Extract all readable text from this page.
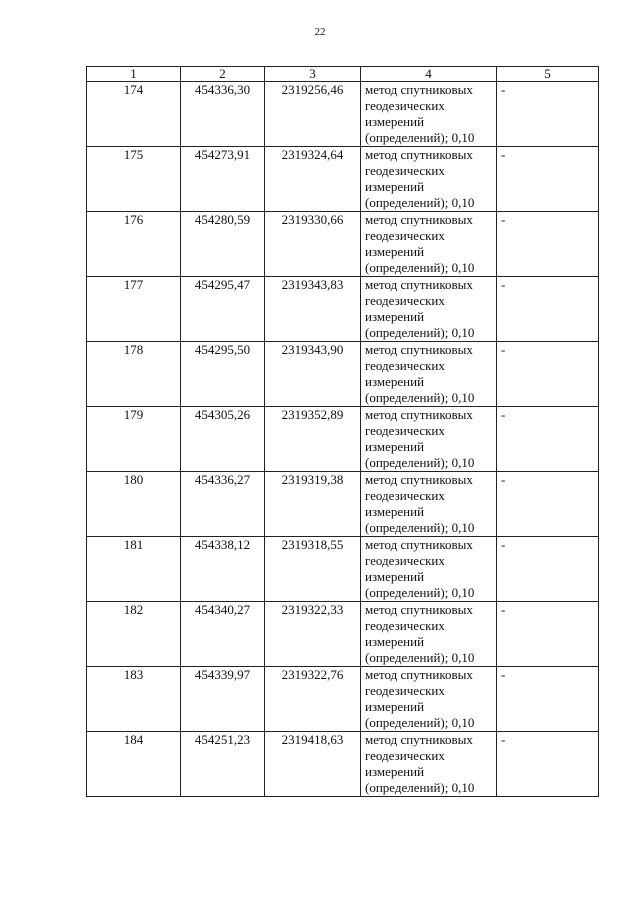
22
1	2	3	4	5
174	454336,30	2319256,46	метод спутниковых
геодезических
измерений
(определений); 0,10	-
175	454273,91	2319324,64	метод спутниковых
геодезических
измерений
(определений); 0,10	-
176	454280,59	2319330,66	метод спутниковых
геодезических
измерений
(определений); 0,10	-
177	454295,47	2319343,83	метод спутниковых
геодезических
измерений
(определений); 0,10	-
178	454295,50	2319343,90	метод спутниковых
геодезических
измерений
(определений); 0,10	-
179	454305,26	2319352,89	метод спутниковых
геодезических
измерений
(определений); 0,10	-
180	454336,27	2319319,38	метод спутниковых
геодезических
измерений
(определений); 0,10	-
181	454338,12	2319318,55	метод спутниковых
геодезических
измерений
(определений); 0,10	-
182	454340,27	2319322,33	метод спутниковых
геодезических
измерений
(определений); 0,10	-
183	454339,97	2319322,76	метод спутниковых
геодезических
измерений
(определений); 0,10	-
184	454251,23	2319418,63	метод спутниковых
геодезических
измерений
(определений); 0,10	-
